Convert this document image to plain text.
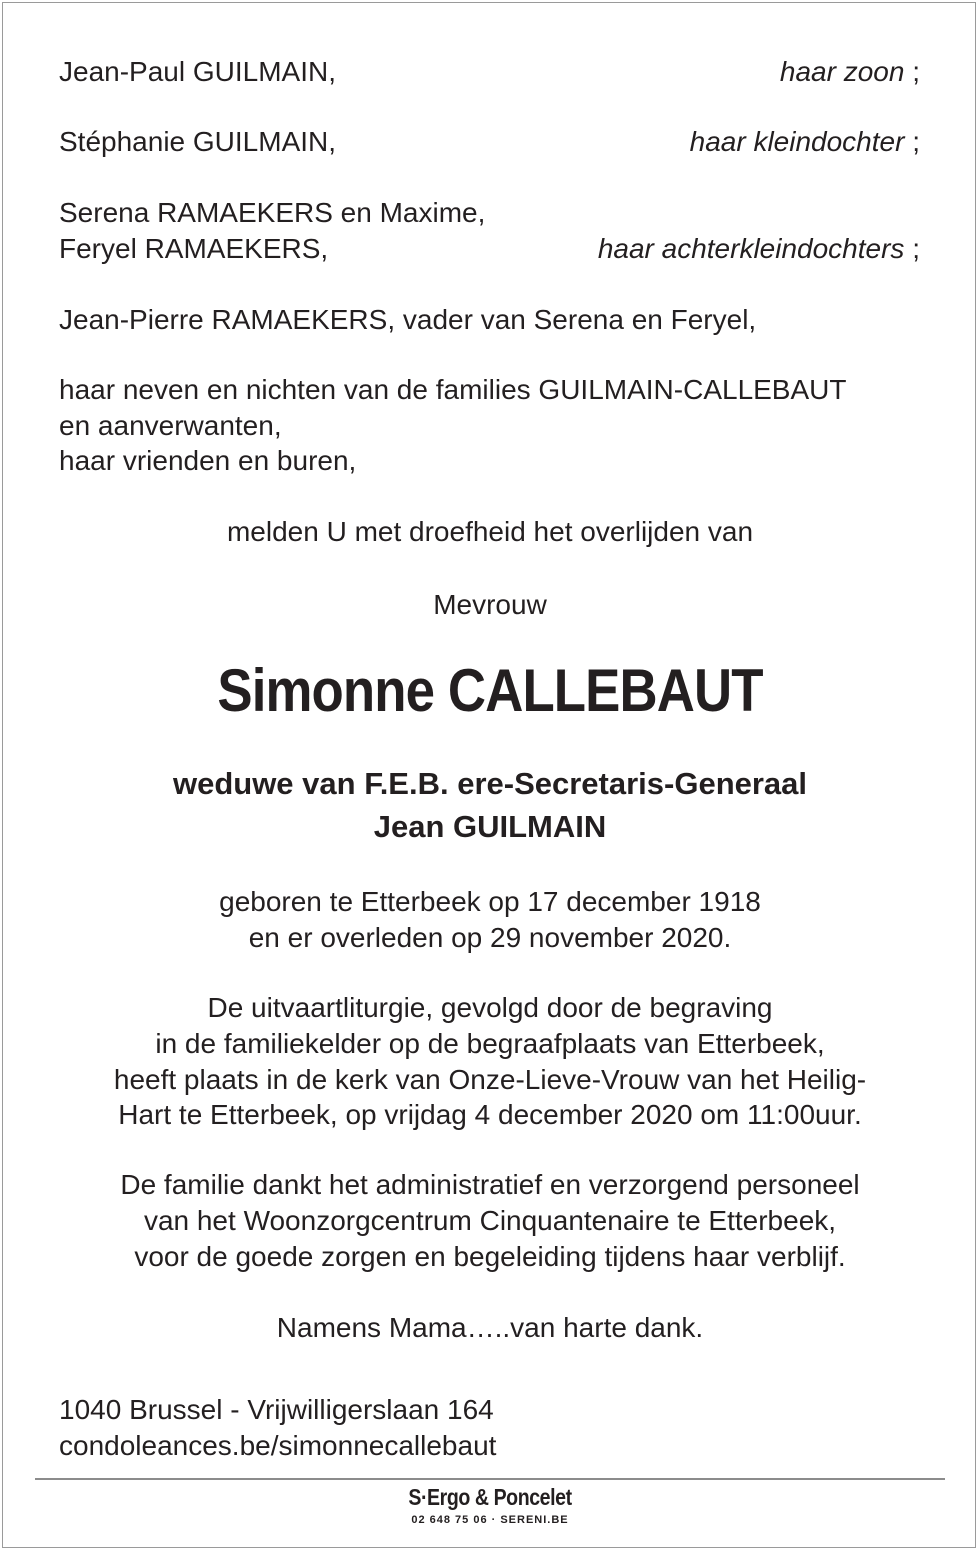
Jean-Paul GUILMAIN,	haar zoon ;
Stéphanie GUILMAIN,	haar kleindochter ;
Serena RAMAEKERS en Maxime,
Feryel RAMAEKERS,	haar achterkleindochters ;
Jean-Pierre RAMAEKERS, vader van Serena en Feryel,
haar neven en nichten van de families GUILMAIN-CALLEBAUT
en aanverwanten,
haar vrienden en buren,
melden U met droefheid het overlijden van
Mevrouw
Simonne CALLEBAUT
weduwe van F.E.B. ere-Secretaris-Generaal
Jean GUILMAIN
geboren te Etterbeek op 17 december 1918
en er overleden op 29 november 2020.
De uitvaartliturgie, gevolgd door de begraving
in de familiekelder op de begraafplaats van Etterbeek,
heeft plaats in de kerk van Onze-Lieve-Vrouw van het Heilig-
Hart te Etterbeek, op vrijdag 4 december 2020 om 11:00uur.
De familie dankt het administratief en verzorgend personeel
van het Woonzorgcentrum Cinquantenaire te Etterbeek,
voor de goede zorgen en begeleiding tijdens haar verblijf.
Namens Mama…..van harte dank.
1040 Brussel - Vrijwilligerslaan 164
condoleances.be/simonnecallebaut
S·Ergo & Poncelet
02 648 75 06 · SERENI.BE
